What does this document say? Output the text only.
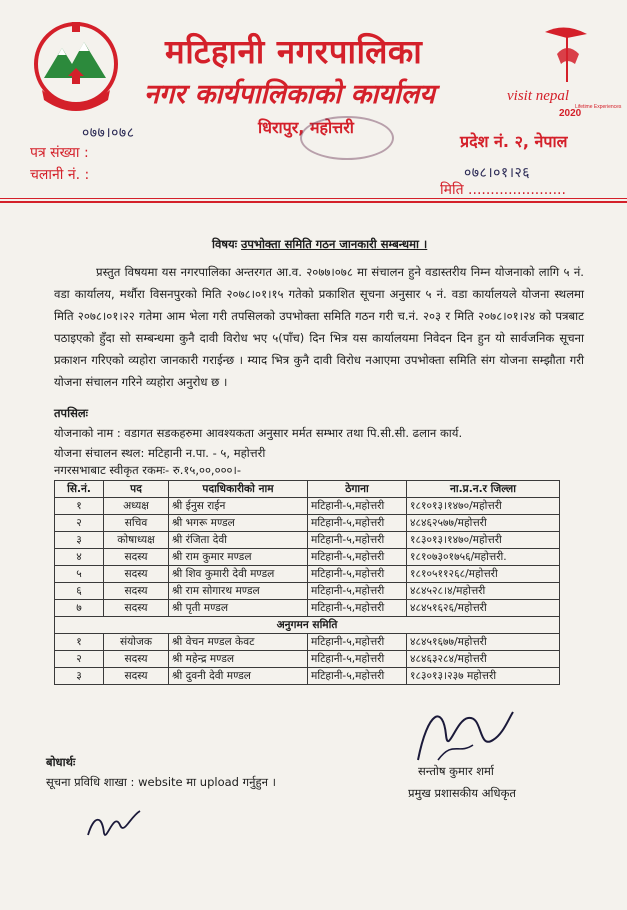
मटिहानी नगरपालिका
नगर कार्यपालिकाको कार्यालय
धिरापुर, महोत्तरी
visit nepal
2020
Lifetime Experiences
०७७।०७८
पत्र संख्या :
चलानी नं. :
प्रदेश नं. २, नेपाल
०७८।०१।२६
मिति ......................
विषयः उपभोक्ता समिति गठन जानकारी सम्बन्धमा ।
प्रस्तुत विषयमा यस नगरपालिका अन्तरगत आ.व. २०७७।०७८ मा संचालन हुने वडास्तरीय निम्न योजनाको लागि ५ नं. वडा कार्यालय, मर्थौरा विसनपुरको मिति २०७८।०१।१५ गतेको प्रकाशित सूचना अनुसार ५ नं. वडा कार्यालयले योजना स्थलमा मिति २०७८।०१।२२ गतेमा आम भेला गरी तपसिलको उपभोक्ता समिति गठन गरी च.नं. २०३ र मिति २०७८।०१।२४ को पत्रबाट पठाइएको हुँदा सो सम्बन्धमा कुनै दावी विरोध भए ५(पाँच) दिन भित्र यस कार्यालयमा निवेदन दिन हुन यो सार्वजनिक सूचना प्रकाशन गरिएको व्यहोरा जानकारी गराईन्छ । म्याद भित्र कुनै दावी विरोध नआएमा उपभोक्ता समिति संग योजना सम्झौता गरी योजना संचालन गरिने व्यहोरा अनुरोध छ ।
तपसिलः
योजनाको नाम : वडागत सडकहरुमा आवश्यकता अनुसार मर्मत सम्भार तथा पि.सी.सी. ढलान कार्य.
योजना संचालन स्थल: मटिहानी न.पा. - ५, महोत्तरी
नगरसभाबाट स्वीकृत रकमः- रु.१५,००,०००।-
सि.नं.	पद	पदाधिकारीको नाम	ठेगाना	ना.प्र.न.र जिल्ला
१	अध्यक्ष	श्री ईनुस राईन	मटिहानी-५,महोत्तरी	१८१०१३।१४७०/महोत्तरी
२	सचिव	श्री भगरू मण्डल	मटिहानी-५,महोत्तरी	४८४६२५७७/महोत्तरी
३	कोषाध्यक्ष	श्री रंजिता देवी	मटिहानी-५,महोत्तरी	१८३०१३।१४७०/महोत्तरी
४	सदस्य	श्री राम कुमार मण्डल	मटिहानी-५,महोत्तरी	१८१०७३०१७५६/महोत्तरी.
५	सदस्य	श्री शिव कुमारी देवी मण्डल	मटिहानी-५,महोत्तरी	१८१०५११२६८/महोत्तरी
६	सदस्य	श्री राम सोगारथ मण्डल	मटिहानी-५,महोत्तरी	४८४५२८।४/महोत्तरी
७	सदस्य	श्री पृती मण्डल	मटिहानी-५,महोत्तरी	४८४५१६२६/महोत्तरी
अनुगमन समिति				
१	संयोजक	श्री वेचन मण्डल केवट	मटिहानी-५,महोत्तरी	४८४५१६७७/महोत्तरी
२	सदस्य	श्री महेन्द्र मण्डल	मटिहानी-५,महोत्तरी	४८४६३२८४/महोत्तरी
३	सदस्य	श्री दुवनी देवी मण्डल	मटिहानी-५,महोत्तरी	१८३०१३।२३७ महोत्तरी
सन्तोष कुमार शर्मा
प्रमुख प्रशासकीय अधिकृत
बोधार्थः
सूचना प्रविधि शाखा : website मा upload गर्नुहुन ।
